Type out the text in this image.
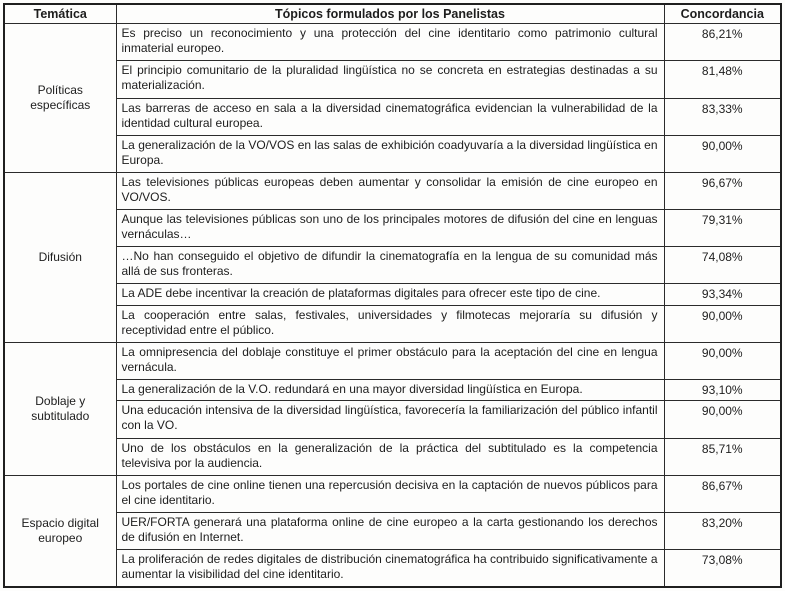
Temática	Tópicos formulados por los Panelistas	Concordancia
Políticas específicas	Es preciso un reconocimiento y una protección del cine identitario como patrimonio cultural inmaterial europeo.	86,21%
	El principio comunitario de la pluralidad lingüística no se concreta en estrategias destinadas a su materialización.	81,48%
	Las barreras de acceso en sala a la diversidad cinematográfica evidencian la vulnerabilidad de la identidad cultural europea.	83,33%
	La generalización de la VO/VOS en las salas de exhibición coadyuvaría a la diversidad lingüística en Europa.	90,00%
Difusión	Las televisiones públicas europeas deben aumentar y consolidar la emisión de cine europeo en VO/VOS.	96,67%
	Aunque las televisiones públicas son uno de los principales motores de difusión del cine en lenguas vernáculas…	79,31%
	…No han conseguido el objetivo de difundir la cinematografía en la lengua de su comunidad más allá de sus fronteras.	74,08%
	La ADE debe incentivar la creación de plataformas digitales para ofrecer este tipo de cine.	93,34%
	La cooperación entre salas, festivales, universidades y filmotecas mejoraría su difusión y receptividad entre el público.	90,00%
Doblaje y subtitulado	La omnipresencia del doblaje constituye el primer obstáculo para la aceptación del cine en lengua vernácula.	90,00%
	La generalización de la V.O. redundará en una mayor diversidad lingüística en Europa.	93,10%
	Una educación intensiva de la diversidad lingüística, favorecería la familiarización del público infantil con la VO.	90,00%
	Uno de los obstáculos en la generalización de la práctica del subtitulado es la competencia televisiva por la audiencia.	85,71%
Espacio digital europeo	Los portales de cine online tienen una repercusión decisiva en la captación de nuevos públicos para el cine identitario.	86,67%
	UER/FORTA generará una plataforma online de cine europeo a la carta gestionando los derechos de difusión en Internet.	83,20%
	La proliferación de redes digitales de distribución cinematográfica ha contribuido significativamente a aumentar la visibilidad del cine identitario.	73,08%
